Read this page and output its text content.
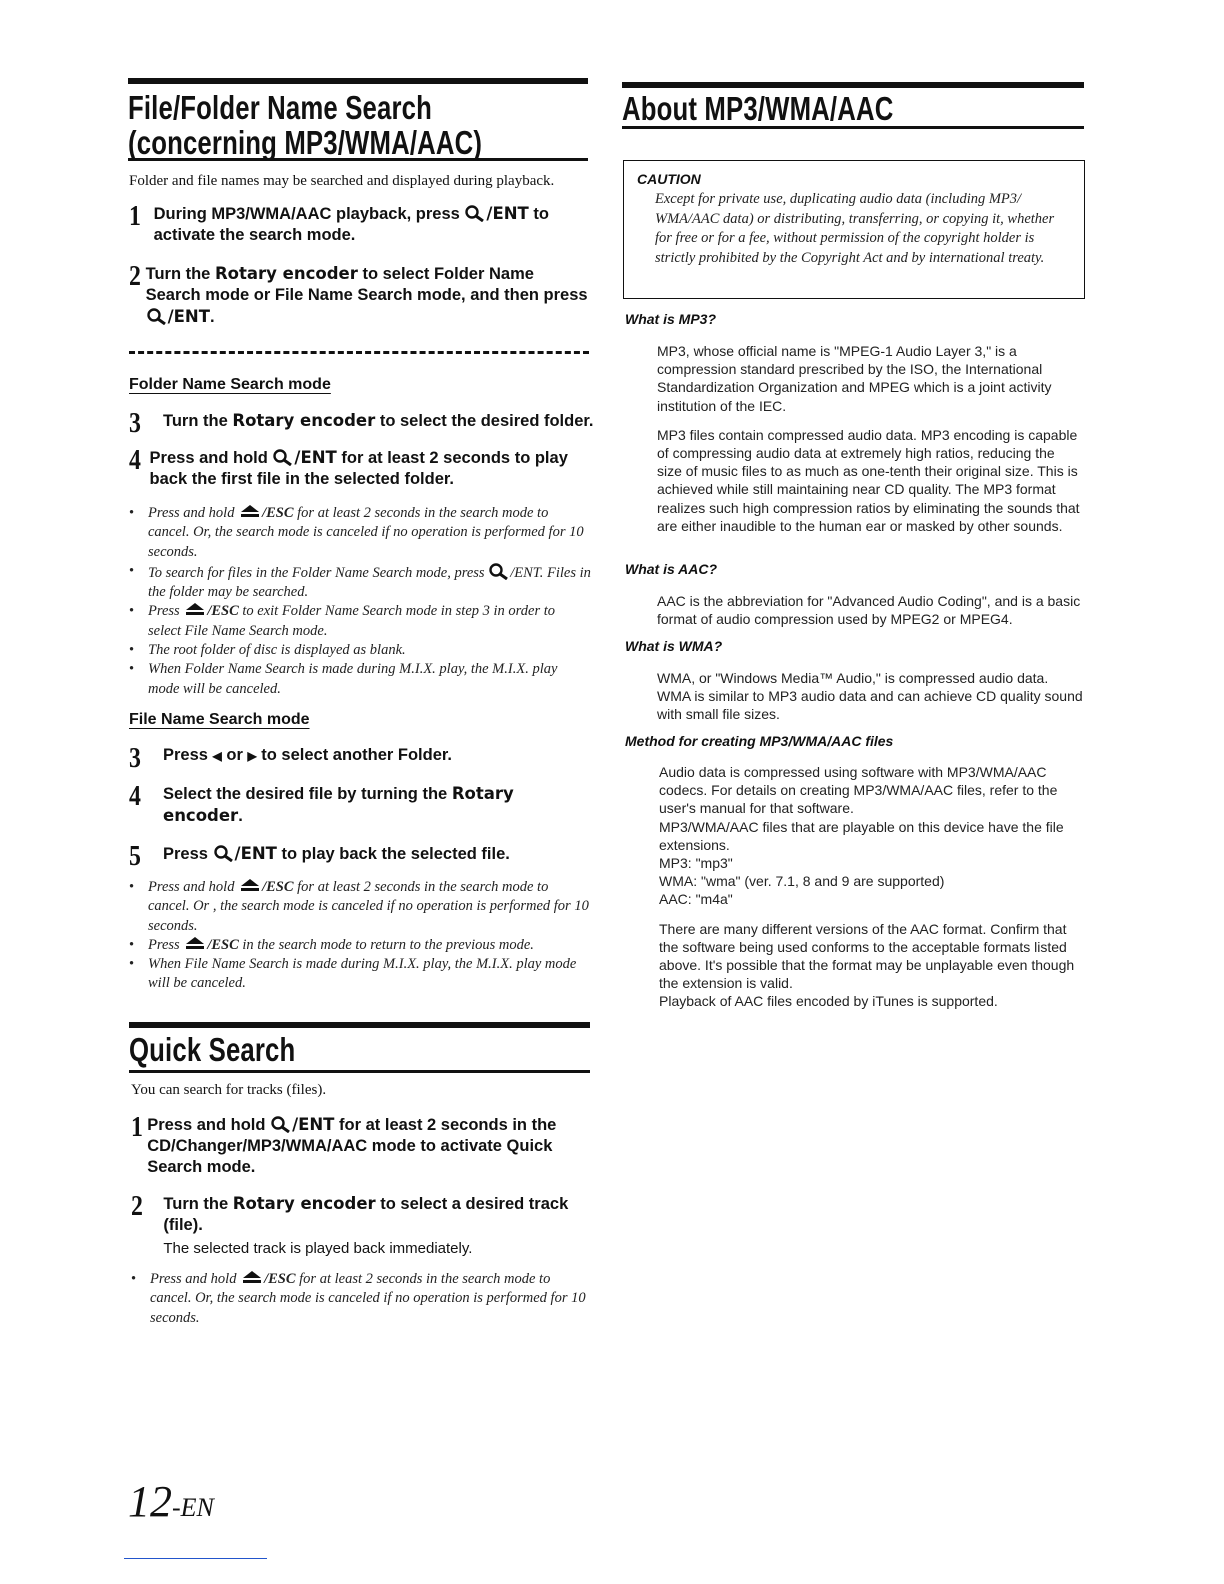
File/Folder Name Search
(concerning MP3/WMA/AAC)
Folder and file names may be searched and displayed during playback.
1 During MP3/WMA/AAC playback, press /ENT to activate the search mode.
2 Turn the Rotary encoder to select Folder Name Search mode or File Name Search mode, and then press /ENT.
Folder Name Search mode
3	Turn the Rotary encoder to select the desired folder.
4 Press and hold /ENT for at least 2 seconds to play back the first file in the selected folder.
• Press and hold /ESC for at least 2 seconds in the search mode to cancel. Or, the search mode is canceled if no operation is performed for 10 seconds.
• To search for files in the Folder Name Search mode, press /ENT. Files in the folder may be searched.
• Press /ESC to exit Folder Name Search mode in step 3 in order to select File Name Search mode.
• The root folder of disc is displayed as blank.
• When Folder Name Search is made during M.I.X. play, the M.I.X. play mode will be canceled.
File Name Search mode
3	Press ◀ or ▶ to select another Folder.
4	Select the desired file by turning the Rotary encoder.
5	Press /ENT to play back the selected file.
• Press and hold /ESC for at least 2 seconds in the search mode to cancel. Or , the search mode is canceled if no operation is performed for 10 seconds.
• Press /ESC in the search mode to return to the previous mode.
• When File Name Search is made during M.I.X. play, the M.I.X. play mode will be canceled.
Quick Search
You can search for tracks (files).
1 Press and hold /ENT for at least 2 seconds in the CD/Changer/MP3/WMA/AAC mode to activate Quick Search mode.
2	Turn the Rotary encoder to select a desired track (file).
The selected track is played back immediately.
• Press and hold /ESC for at least 2 seconds in the search mode to cancel. Or, the search mode is canceled if no operation is performed for 10 seconds.
12-EN
About MP3/WMA/AAC
CAUTION
Except for private use, duplicating audio data (including MP3/ WMA/AAC data) or distributing, transferring, or copying it, whether for free or for a fee, without permission of the copyright holder is strictly prohibited by the Copyright Act and by international treaty.
What is MP3?

MP3, whose official name is "MPEG-1 Audio Layer 3," is a compression standard prescribed by the ISO, the International Standardization Organization and MPEG which is a joint activity institution of the IEC.

MP3 files contain compressed audio data. MP3 encoding is capable of compressing audio data at extremely high ratios, reducing the size of music files to as much as one-tenth their original size. This is achieved while still maintaining near CD quality. The MP3 format realizes such high compression ratios by eliminating the sounds that are either inaudible to the human ear or masked by other sounds.

What is AAC?

AAC is the abbreviation for "Advanced Audio Coding", and is a basic format of audio compression used by MPEG2 or MPEG4.

What is WMA?

WMA, or "Windows Media™ Audio," is compressed audio data. WMA is similar to MP3 audio data and can achieve CD quality sound with small file sizes.

Method for creating MP3/WMA/AAC files

Audio data is compressed using software with MP3/WMA/AAC codecs. For details on creating MP3/WMA/AAC files, refer to the user's manual for that software.

MP3/WMA/AAC files that are playable on this device have the file extensions.

MP3: "mp3"

WMA: "wma" (ver. 7.1, 8 and 9 are supported)

AAC: "m4a"

There are many different versions of the AAC format. Confirm that the software being used conforms to the acceptable formats listed above. It's possible that the format may be unplayable even though the extension is valid.

Playback of AAC files encoded by iTunes is supported.
